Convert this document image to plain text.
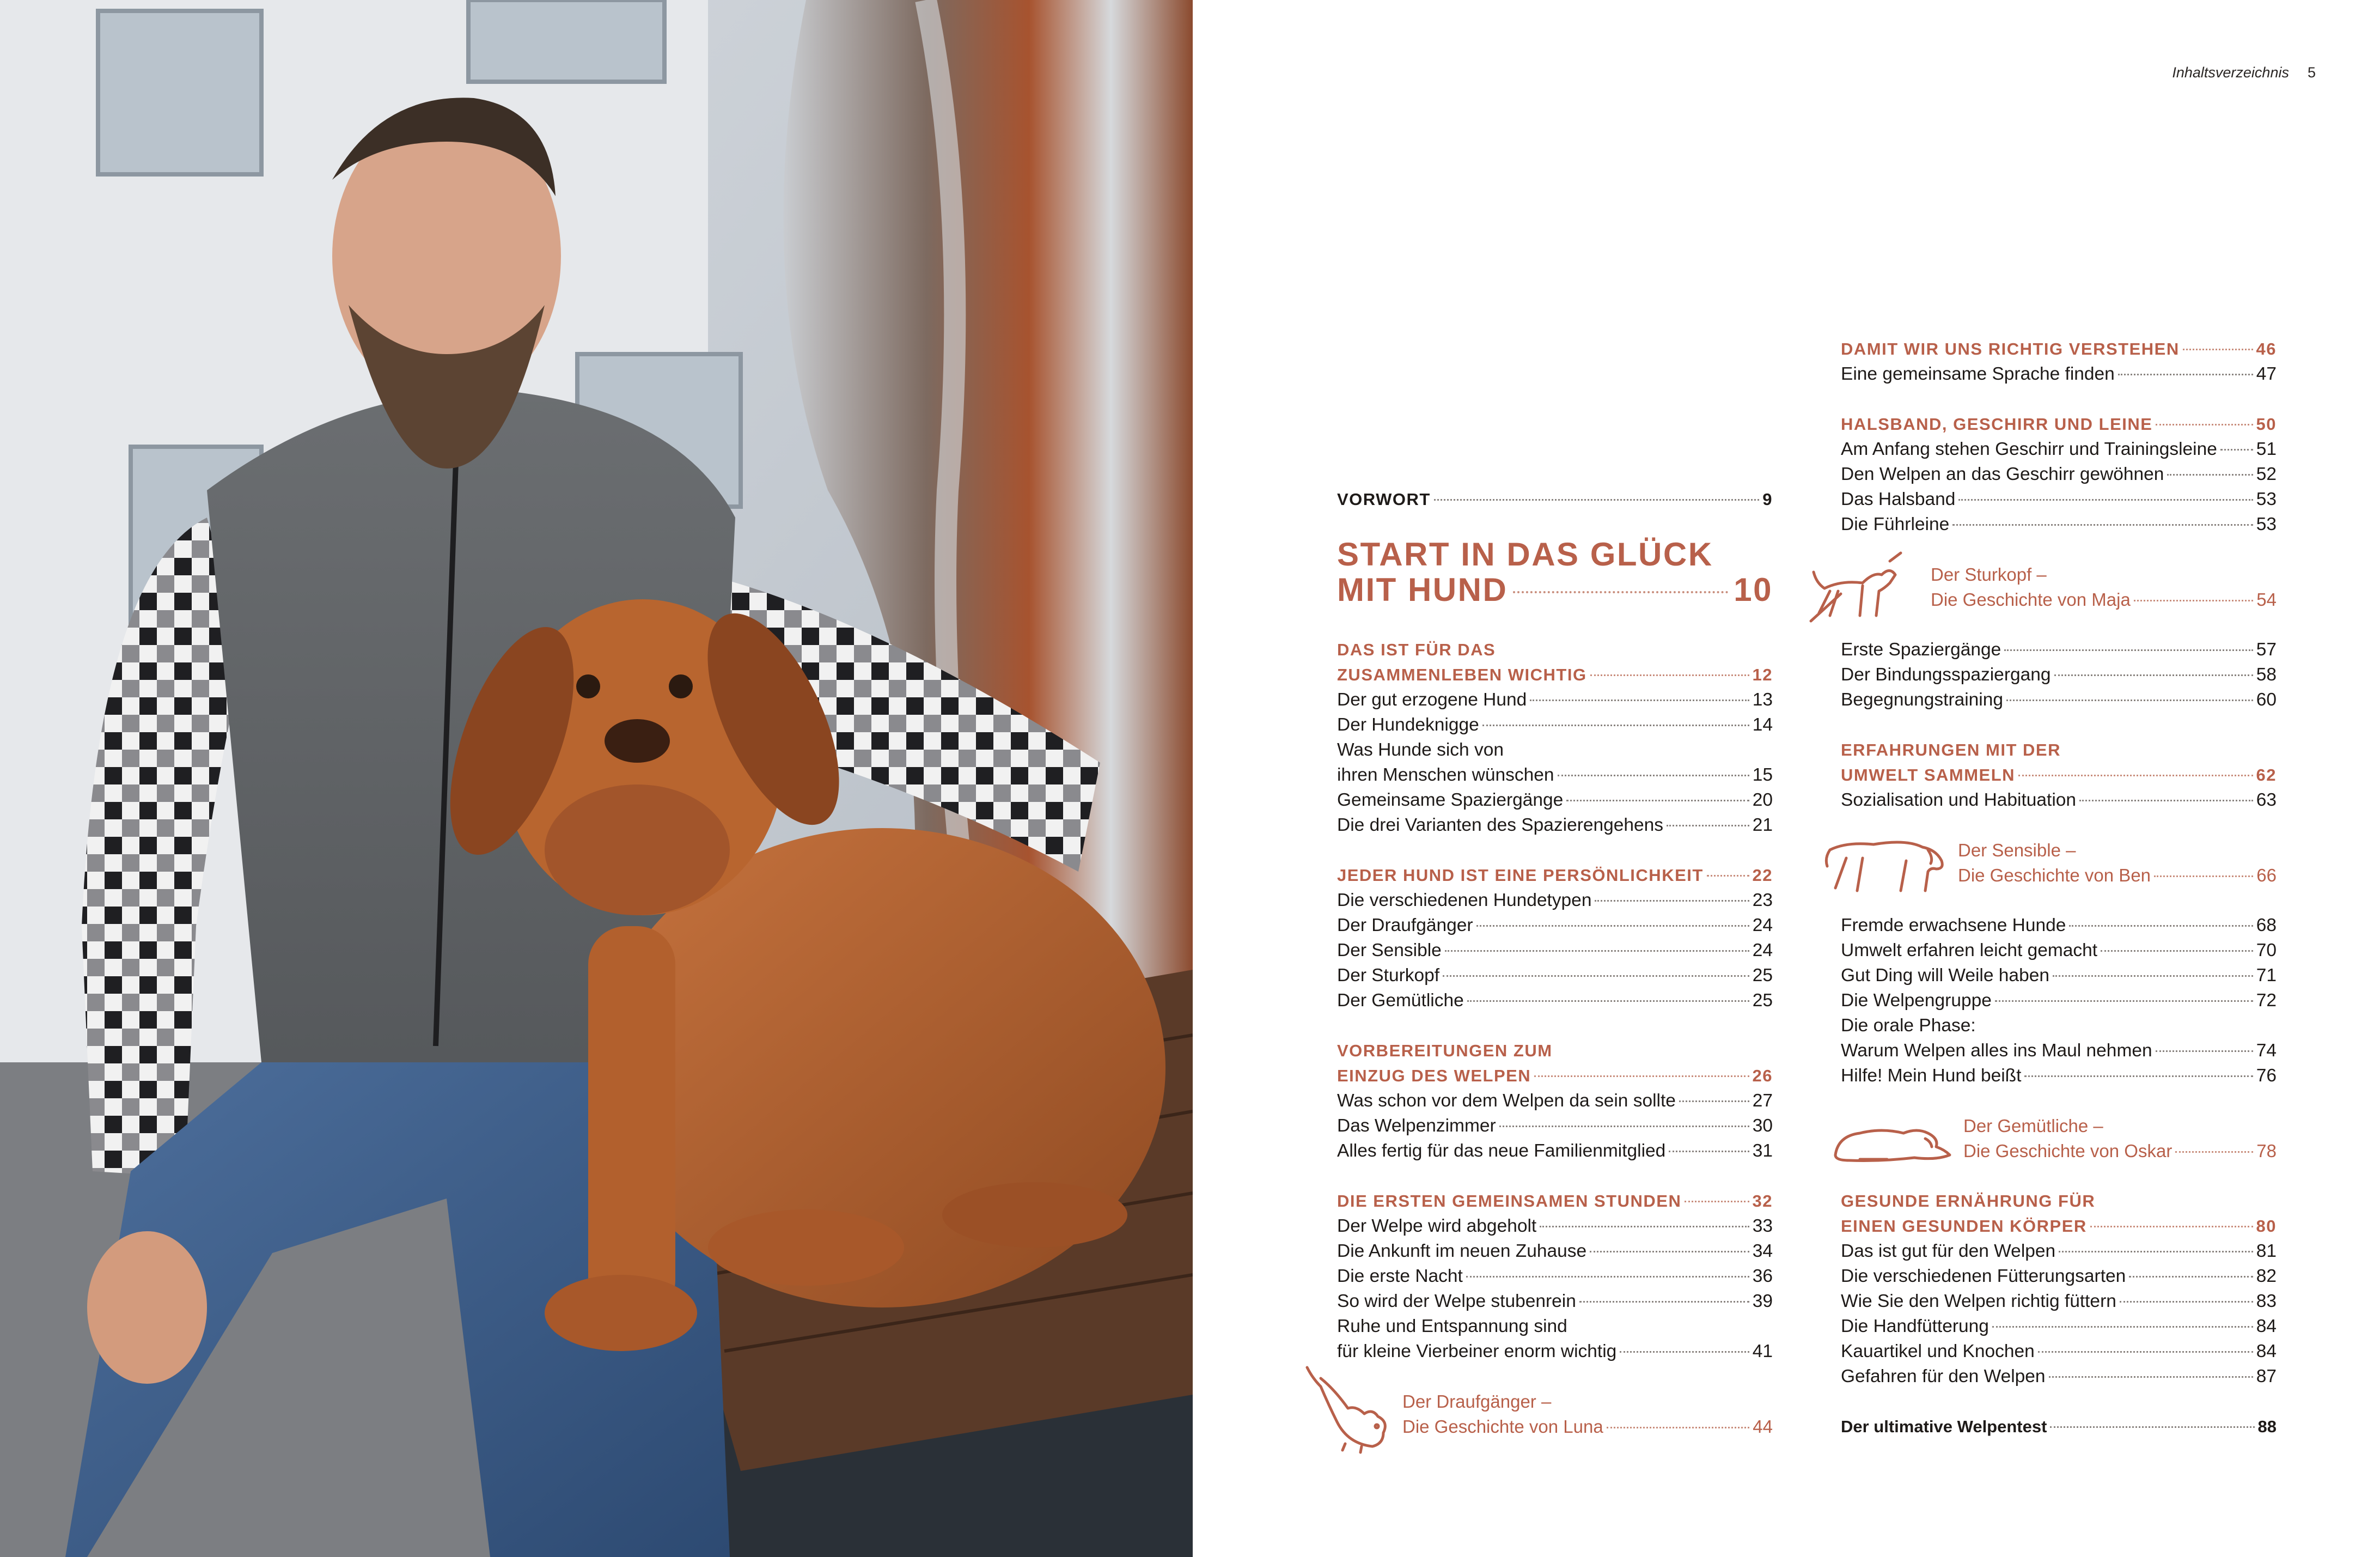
Inhaltsverzeichnis 5
VORWORT	9
START IN DAS GLÜCK
MIT HUND	10
DAS IST FÜR DAS
ZUSAMMENLEBEN WICHTIG	12
Der gut erzogene Hund	13
Der Hundeknigge	14
Was Hunde sich von
ihren Menschen wünschen	15
Gemeinsame Spaziergänge	20
Die drei Varianten des Spazierengehens	21
JEDER HUND IST EINE PERSÖNLICHKEIT	22
Die verschiedenen Hundetypen	23
Der Draufgänger	24
Der Sensible	24
Der Sturkopf	25
Der Gemütliche	25
VORBEREITUNGEN ZUM
EINZUG DES WELPEN	26
Was schon vor dem Welpen da sein sollte	27
Das Welpenzimmer	30
Alles fertig für das neue Familienmitglied	31
DIE ERSTEN GEMEINSAMEN STUNDEN	32
Der Welpe wird abgeholt	33
Die Ankunft im neuen Zuhause	34
Die erste Nacht	36
So wird der Welpe stubenrein	39
Ruhe und Entspannung sind
für kleine Vierbeiner enorm wichtig	41
Der Draufgänger –
Die Geschichte von Luna	44
DAMIT WIR UNS RICHTIG VERSTEHEN	46
Eine gemeinsame Sprache finden	47
HALSBAND, GESCHIRR UND LEINE	50
Am Anfang stehen Geschirr und Trainingsleine 51
Den Welpen an das Geschirr gewöhnen	52
Das Halsband	53
Die Führleine	53
Der Sturkopf –
Die Geschichte von Maja	54
Erste Spaziergänge	57
Der Bindungsspaziergang	58
Begegnungstraining	60
ERFAHRUNGEN MIT DER
UMWELT SAMMELN	62
Sozialisation und Habituation	63
Der Sensible –
Die Geschichte von Ben	66
Fremde erwachsene Hunde	68
Umwelt erfahren leicht gemacht	70
Gut Ding will Weile haben	71
Die Welpengruppe	72
Die orale Phase:
Warum Welpen alles ins Maul nehmen	74
Hilfe! Mein Hund beißt	76
Der Gemütliche –
Die Geschichte von Oskar	78
GESUNDE ERNÄHRUNG FÜR
EINEN GESUNDEN KÖRPER	80
Das ist gut für den Welpen	81
Die verschiedenen Fütterungsarten	82
Wie Sie den Welpen richtig füttern	83
Die Handfütterung	84
Kauartikel und Knochen	84
Gefahren für den Welpen	87
Der ultimative Welpentest	88
